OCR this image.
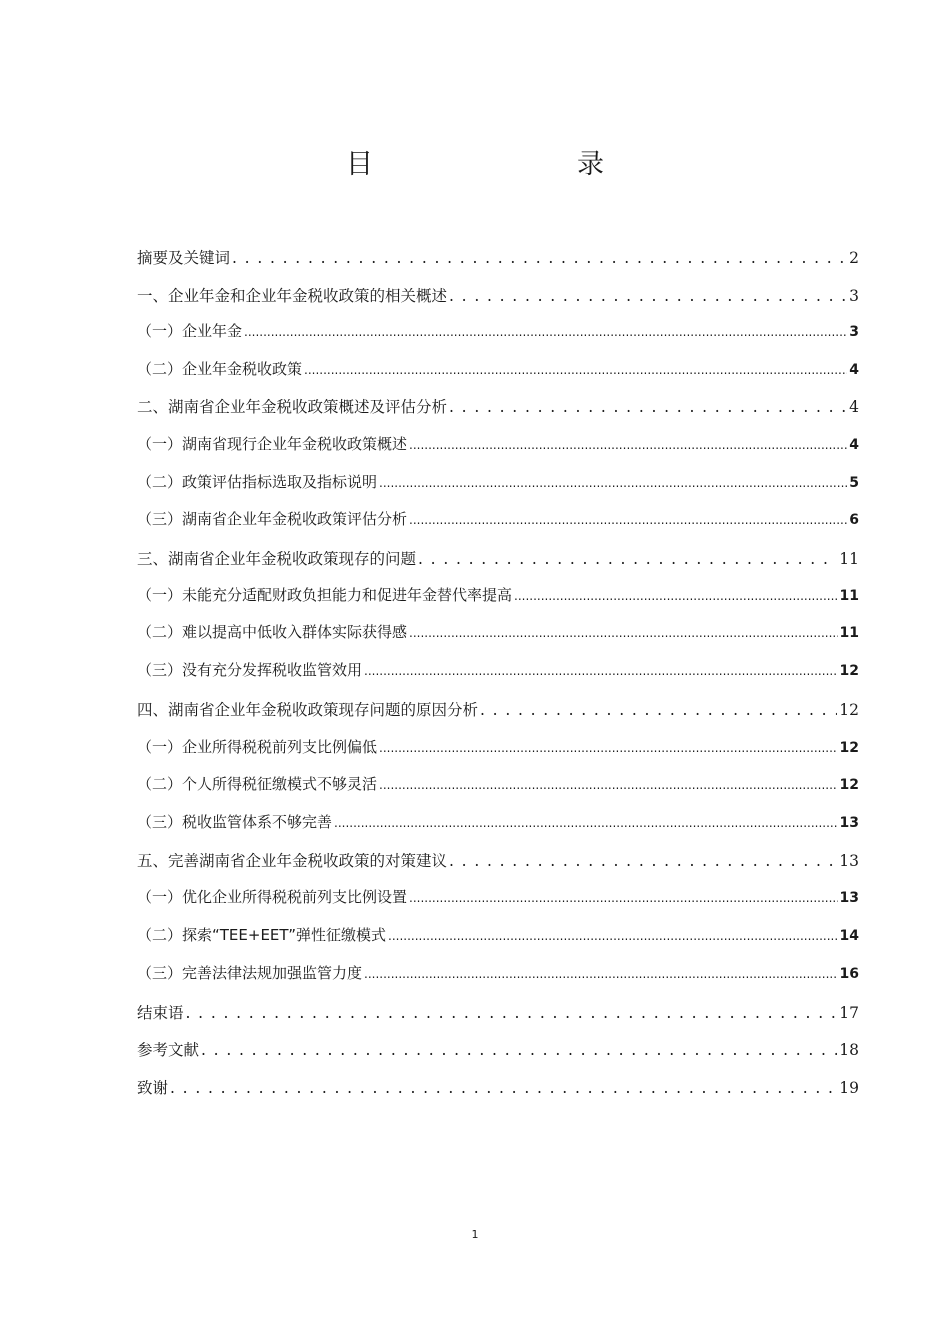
目　　录
摘要及关键词 . . .	2
一、企业年金和企业年金税收政策的相关概述 . . .	3
（一）企业年金 .....	3
（二）企业年金税收政策 .....	4
二、湖南省企业年金税收政策概述及评估分析 . . .	4
（一）湖南省现行企业年金税收政策概述 .....	4
（二）政策评估指标选取及指标说明 .....	5
（三）湖南省企业年金税收政策评估分析 .....	6
三、湖南省企业年金税收政策现存的问题 . . .	11
（一）未能充分适配财政负担能力和促进年金替代率提高 .....	11
（二）难以提高中低收入群体实际获得感 .....	11
（三）没有充分发挥税收监管效用 .....	12
四、湖南省企业年金税收政策现存问题的原因分析 . . .	12
（一）企业所得税税前列支比例偏低 .....	12
（二）个人所得税征缴模式不够灵活 .....	12
（三）税收监管体系不够完善 .....	13
五、完善湖南省企业年金税收政策的对策建议 . . .	13
（一）优化企业所得税税前列支比例设置 .....	13
（二）探索“TEE+EET”弹性征缴模式 .....	14
（三）完善法律法规加强监管力度 .....	16
结束语 . . .	17
参考文献 . . .	18
致谢 . . .	19
1
